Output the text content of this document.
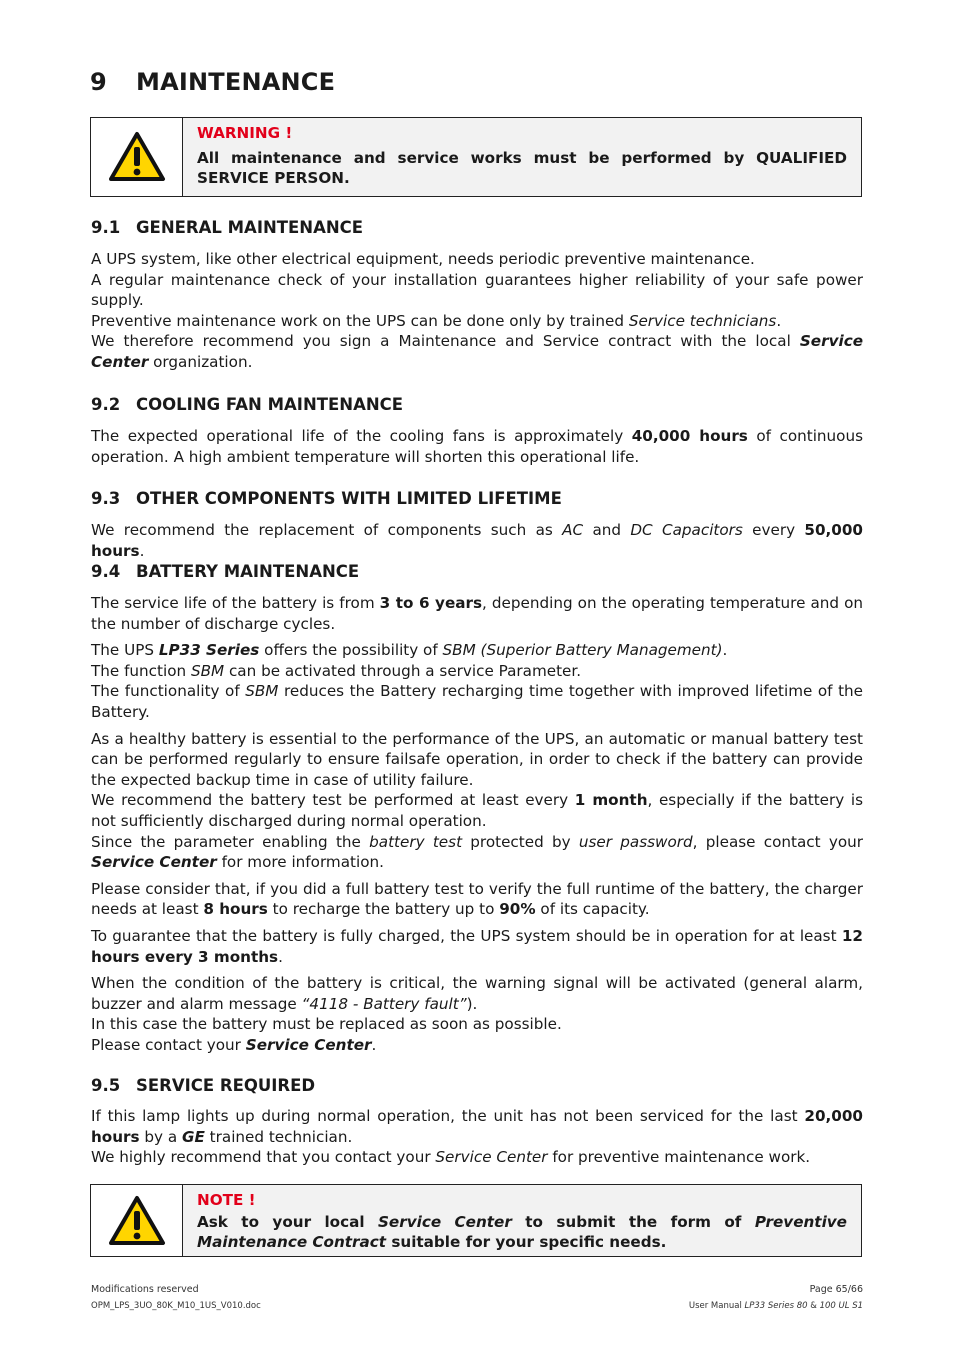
9 MAINTENANCE
WARNING !
All maintenance and service works must be performed by QUALIFIED SERVICE PERSON.
9.1 GENERAL MAINTENANCE

A UPS system, like other electrical equipment, needs periodic preventive maintenance.

A regular maintenance check of your installation guarantees higher reliability of your safe power supply.

Preventive maintenance work on the UPS can be done only by trained Service technicians.

We therefore recommend you sign a Maintenance and Service contract with the local Service Center organization.

9.2 COOLING FAN MAINTENANCE

The expected operational life of the cooling fans is approximately 40,000 hours of continuous operation. A high ambient temperature will shorten this operational life.

9.3 OTHER COMPONENTS WITH LIMITED LIFETIME

We recommend the replacement of components such as AC and DC Capacitors every 50,000 hours.

9.4 BATTERY MAINTENANCE

The service life of the battery is from 3 to 6 years, depending on the operating temperature and on the number of discharge cycles.

The UPS LP33 Series offers the possibility of SBM (Superior Battery Management).

The function SBM can be activated through a service Parameter.

The functionality of SBM reduces the Battery recharging time together with improved lifetime of the Battery.

As a healthy battery is essential to the performance of the UPS, an automatic or manual battery test can be performed regularly to ensure failsafe operation, in order to check if the battery can provide the expected backup time in case of utility failure.

We recommend the battery test be performed at least every 1 month, especially if the battery is not sufficiently discharged during normal operation.

Since the parameter enabling the battery test protected by user password, please contact your Service Center for more information.

Please consider that, if you did a full battery test to verify the full runtime of the battery, the charger needs at least 8 hours to recharge the battery up to 90% of its capacity.

To guarantee that the battery is fully charged, the UPS system should be in operation for at least 12 hours every 3 months.

When the condition of the battery is critical, the warning signal will be activated (general alarm, buzzer and alarm message “4118 - Battery fault”).

In this case the battery must be replaced as soon as possible.

Please contact your Service Center.

9.5 SERVICE REQUIRED

If this lamp lights up during normal operation, the unit has not been serviced for the last 20,000 hours by a GE trained technician.

We highly recommend that you contact your Service Center for preventive maintenance work.

NOTE !
Ask to your local Service Center to submit the form of Preventive Maintenance Contract suitable for your specific needs.
Modifications reserved
OPM_LPS_3UO_80K_M10_1US_V010.doc
Page 65/66
User Manual LP33 Series 80 & 100 UL S1
